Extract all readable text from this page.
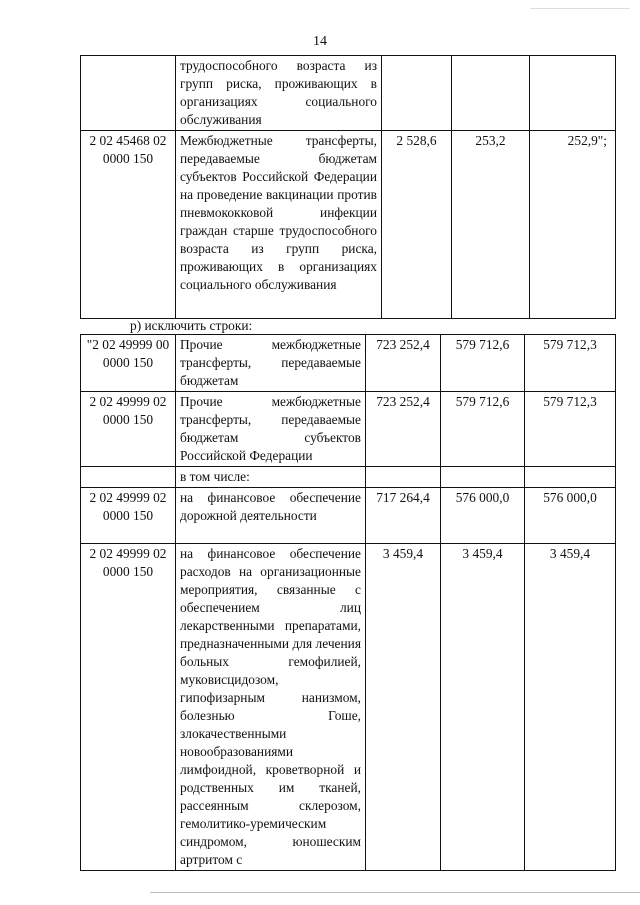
14
	трудоспособного возраста из групп риска, проживающих в организациях социального обслуживания			
2 02 45468 02 0000 150	Межбюджетные трансферты, передаваемые бюджетам субъектов Российской Федерации на проведение вакцинации против пневмококковой инфекции граждан старше трудоспособного возраста из групп риска, проживающих в организациях социального обслуживания	2 528,6	253,2	252,9";
р) исключить строки:
"2 02 49999 00 0000 150	Прочие межбюджетные трансферты, передаваемые бюджетам	723 252,4	579 712,6	579 712,3
2 02 49999 02 0000 150	Прочие межбюджетные трансферты, передаваемые бюджетам субъектов Российской Федерации	723 252,4	579 712,6	579 712,3
	в том числе:			
2 02 49999 02 0000 150	на финансовое обеспечение дорожной деятельности	717 264,4	576 000,0	576 000,0
2 02 49999 02 0000 150	на финансовое обеспечение расходов на организационные мероприятия, связанные с обеспечением лиц лекарственными препаратами, предназначенными для лечения больных гемофилией, муковисцидозом, гипофизарным нанизмом, болезнью Гоше, злокачественными новообразованиями лимфоидной, кроветворной и родственных им тканей, рассеянным склерозом, гемолитико-уремическим синдромом, юношеским артритом с	3 459,4	3 459,4	3 459,4
